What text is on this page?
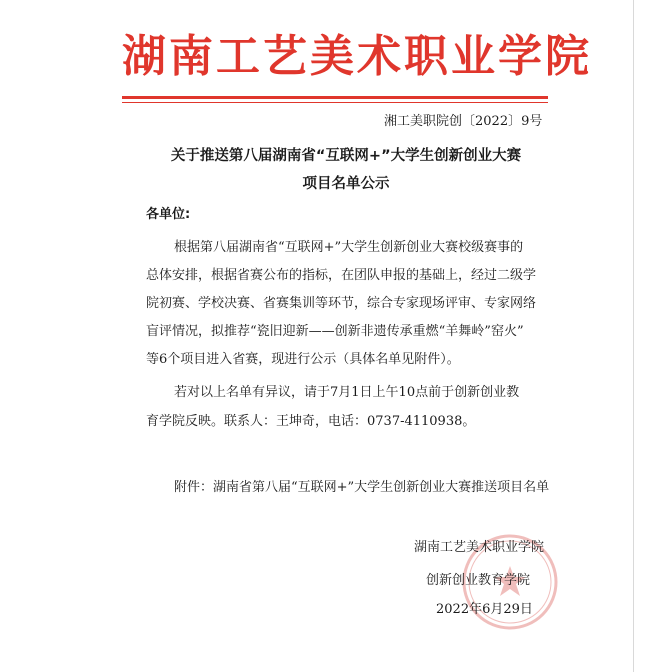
湖南工艺美术职业学院
湘工美职院创〔2022〕9号
关于推送第八届湖南省“互联网+”大学生创新创业大赛
项目名单公示
各单位:
根据第八届湖南省“互联网+”大学生创新创业大赛校级赛事的
总体安排，根据省赛公布的指标，在团队申报的基础上，经过二级学
院初赛、学校决赛、省赛集训等环节，综合专家现场评审、专家网络
盲评情况，拟推荐“瓷旧迎新——创新非遗传承重燃“羊舞岭”窑火”
等6个项目进入省赛，现进行公示（具体名单见附件）。
若对以上名单有异议，请于7月1日上午10点前于创新创业教
育学院反映。联系人：王坤奇，电话：0737-4110938。
附件：湖南省第八届“互联网+”大学生创新创业大赛推送项目名单
湖南工艺美术职业学院
创新创业教育学院
2022年6月29日
